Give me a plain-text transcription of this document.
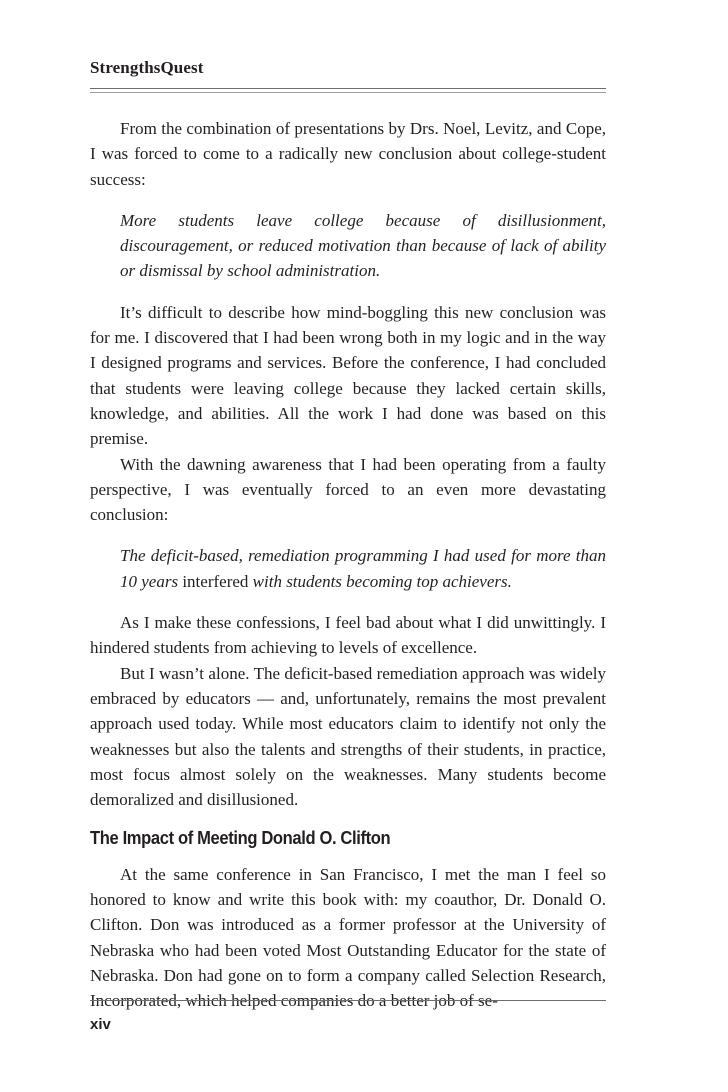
StrengthsQuest

From the combination of presentations by Drs. Noel, Levitz, and Cope, I was forced to come to a radically new conclusion about college-student success:

More students leave college because of disillusionment, discouragement, or reduced motivation than because of lack of ability or dismissal by school administration.

It’s difficult to describe how mind-boggling this new conclusion was for me. I discovered that I had been wrong both in my logic and in the way I designed programs and services. Before the conference, I had concluded that students were leaving college because they lacked certain skills, knowledge, and abilities. All the work I had done was based on this premise.

With the dawning awareness that I had been operating from a faulty perspective, I was eventually forced to an even more devastating conclusion:

The deficit-based, remediation programming I had used for more than 10 years interfered with students becoming top achievers.

As I make these confessions, I feel bad about what I did unwittingly. I hindered students from achieving to levels of excellence.

But I wasn’t alone. The deficit-based remediation approach was widely embraced by educators — and, unfortunately, remains the most prevalent approach used today. While most educators claim to identify not only the weaknesses but also the talents and strengths of their students, in practice, most focus almost solely on the weaknesses. Many students become demoralized and disillusioned.

The Impact of Meeting Donald O. Clifton

At the same conference in San Francisco, I met the man I feel so honored to know and write this book with: my coauthor, Dr. Donald O. Clifton. Don was introduced as a former professor at the University of Nebraska who had been voted Most Outstanding Educator for the state of Nebraska. Don had gone on to form a company called Selection Research, Incorporated, which helped companies do a better job of se-

xiv
